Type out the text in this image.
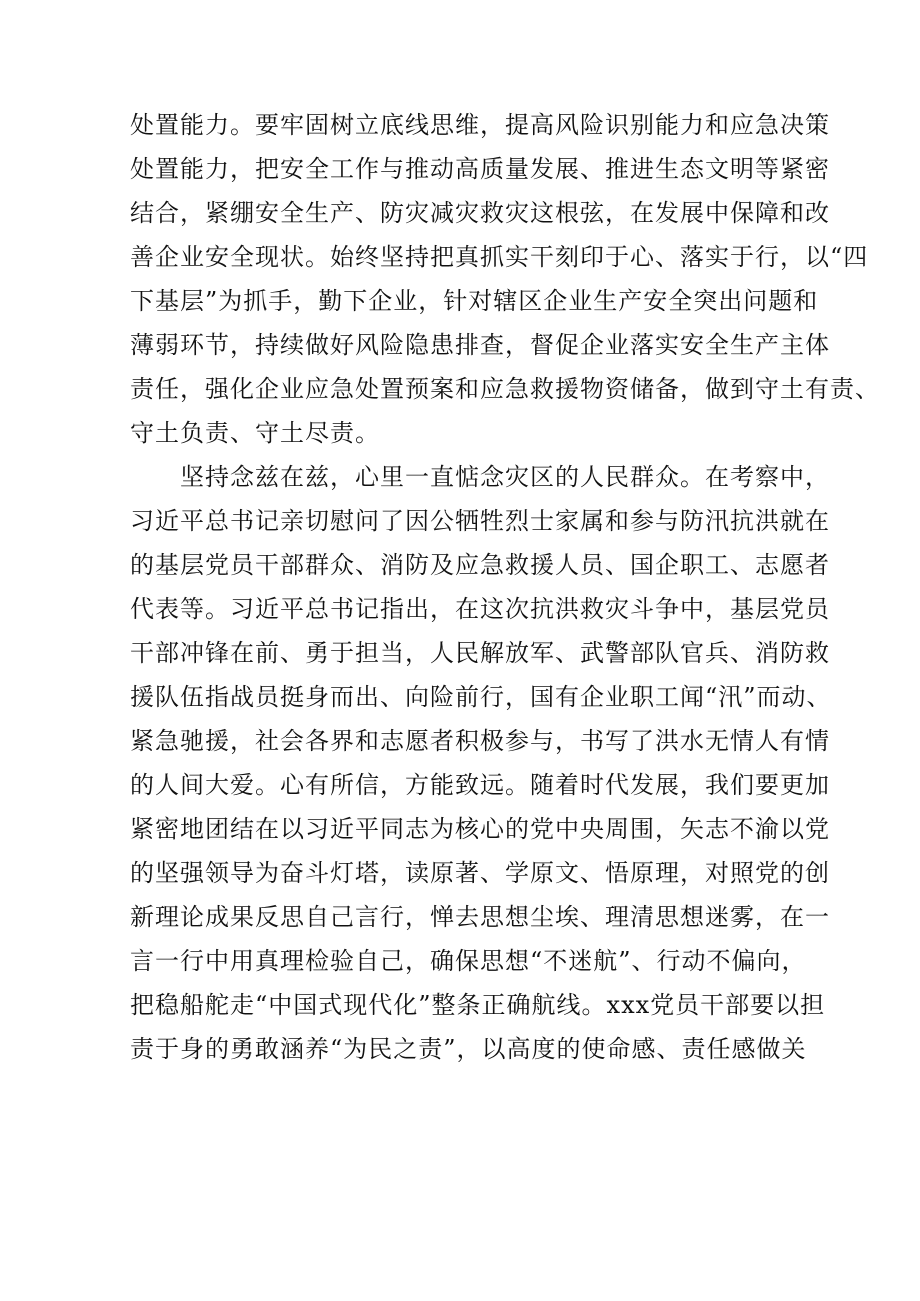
处置能力。要牢固树立底线思维，提高风险识别能力和应急决策
处置能力，把安全工作与推动高质量发展、推进生态文明等紧密
结合，紧绷安全生产、防灾减灾救灾这根弦，在发展中保障和改
善企业安全现状。始终坚持把真抓实干刻印于心、落实于行，以“四
下基层”为抓手，勤下企业，针对辖区企业生产安全突出问题和
薄弱环节，持续做好风险隐患排查，督促企业落实安全生产主体
责任，强化企业应急处置预案和应急救援物资储备，做到守土有责、
守土负责、守土尽责。
坚持念兹在兹，心里一直惦念灾区的人民群众。在考察中，
习近平总书记亲切慰问了因公牺牲烈士家属和参与防汛抗洪就在
的基层党员干部群众、消防及应急救援人员、国企职工、志愿者
代表等。习近平总书记指出，在这次抗洪救灾斗争中，基层党员
干部冲锋在前、勇于担当，人民解放军、武警部队官兵、消防救
援队伍指战员挺身而出、向险前行，国有企业职工闻“汛”而动、
紧急驰援，社会各界和志愿者积极参与，书写了洪水无情人有情
的人间大爱。心有所信，方能致远。随着时代发展，我们要更加
紧密地团结在以习近平同志为核心的党中央周围，矢志不渝以党
的坚强领导为奋斗灯塔，读原著、学原文、悟原理，对照党的创
新理论成果反思自己言行，惮去思想尘埃、理清思想迷雾，在一
言一行中用真理检验自己，确保思想“不迷航”、行动不偏向，
把稳船舵走“中国式现代化”整条正确航线。xxx党员干部要以担
责于身的勇敢涵养“为民之责”，以高度的使命感、责任感做关
